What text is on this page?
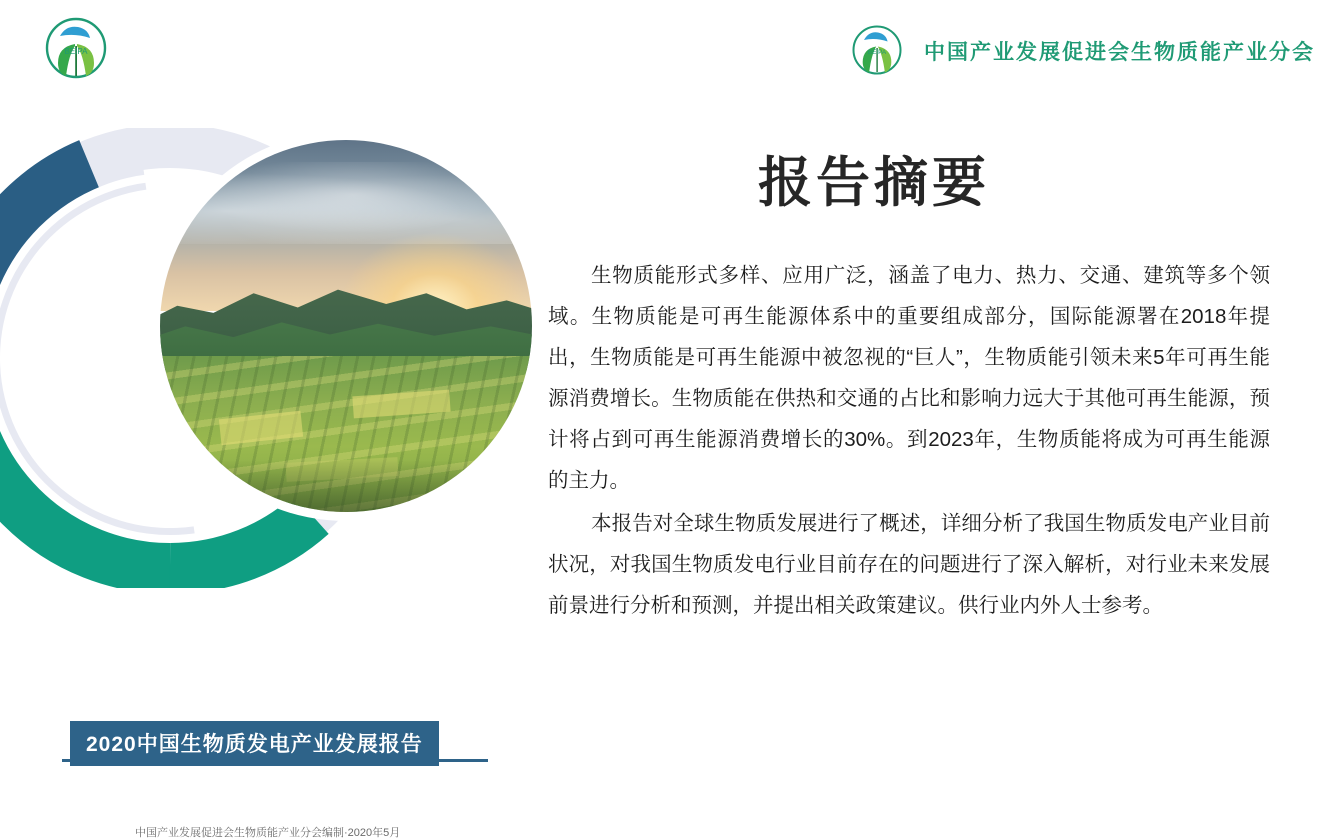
BEIPA	BEIPA 中国产业发展促进会生物质能产业分会
2020中国生物质发电产业发展报告
中国产业发展促进会生物质能产业分会编制·2020年5月
报告摘要

生物质能形式多样、应用广泛，涵盖了电力、热力、交通、建筑等多个领域。生物质能是可再生能源体系中的重要组成部分，国际能源署在2018年提出，生物质能是可再生能源中被忽视的“巨人”，生物质能引领未来5年可再生能源消费增长。生物质能在供热和交通的占比和影响力远大于其他可再生能源，预计将占到可再生能源消费增长的30%。到2023年，生物质能将成为可再生能源的主力。

本报告对全球生物质发展进行了概述，详细分析了我国生物质发电产业目前状况，对我国生物质发电行业目前存在的问题进行了深入解析，对行业未来发展前景进行分析和预测，并提出相关政策建议。供行业内外人士参考。
